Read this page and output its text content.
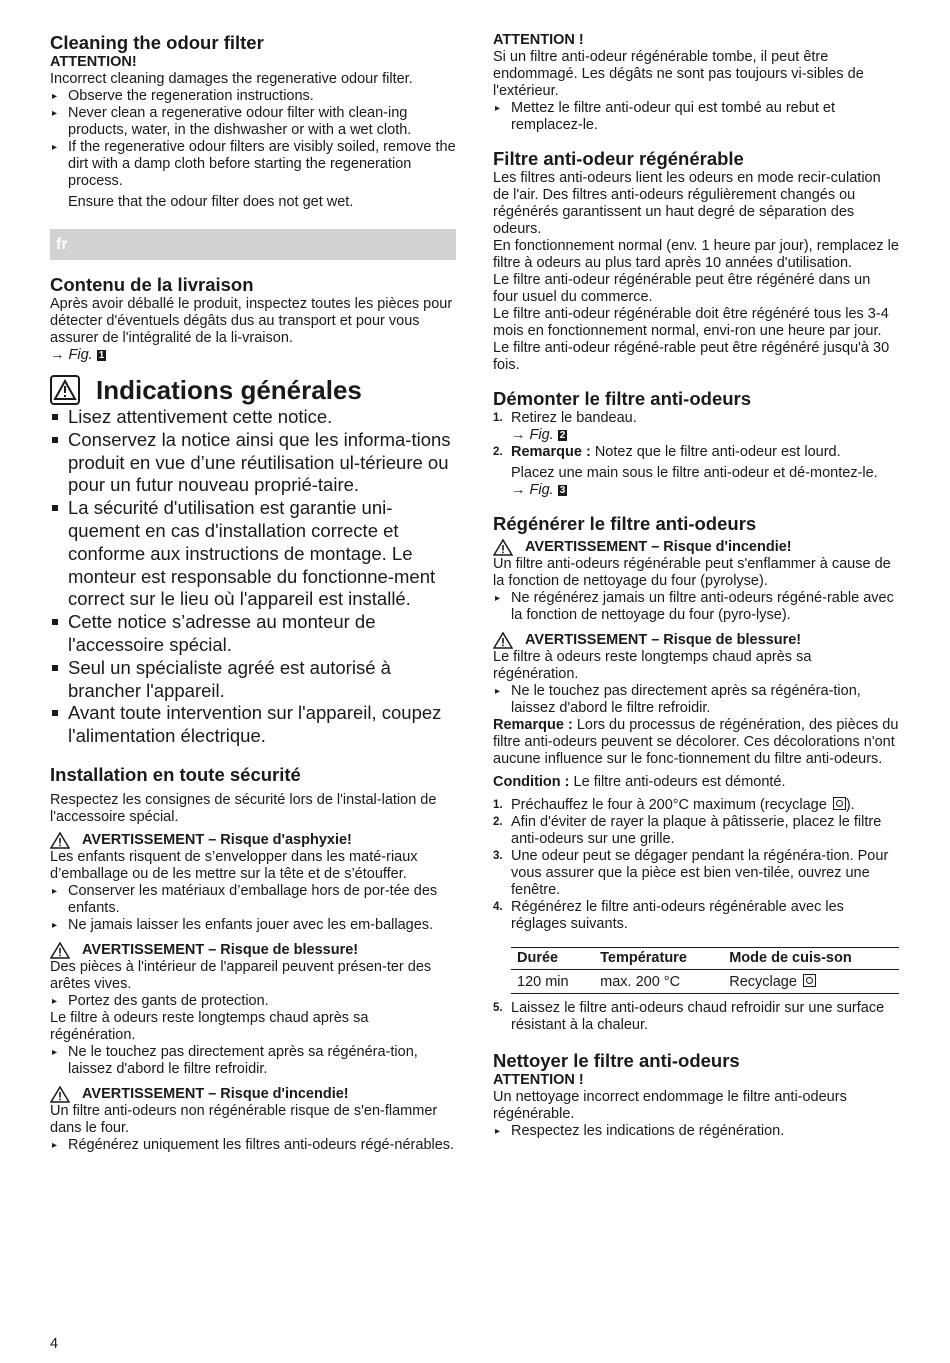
Cleaning the odour filter
ATTENTION!

Incorrect cleaning damages the regenerative odour filter.

▸ Observe the regeneration instructions.
▸ Never clean a regenerative odour filter with clean-ing products, water, in the dishwasher or with a wet cloth.
▸ If the regenerative odour filters are visibly soiled, remove the dirt with a damp cloth before starting the regeneration process.
Ensure that the odour filter does not get wet.
fr
Contenu de la livraison

Après avoir déballé le produit, inspectez toutes les pièces pour détecter d'éventuels dégâts dus au transport et pour vous assurer de l'intégralité de la li-vraison.

→ Fig. 1

Indications générales
Lisez attentivement cette notice.
Conservez la notice ainsi que les informa-tions produit en vue d’une réutilisation ul-térieure ou pour un futur nouveau proprié-taire.
La sécurité d'utilisation est garantie uni-quement en cas d'installation correcte et conforme aux instructions de montage. Le monteur est responsable du fonctionne-ment correct sur le lieu où l'appareil est installé.
Cette notice s’adresse au monteur de l'accessoire spécial.
Seul un spécialiste agréé est autorisé à brancher l'appareil.
Avant toute intervention sur l'appareil, coupez l'alimentation électrique.
Installation en toute sécurité

Respectez les consignes de sécurité lors de l'instal-lation de l'accessoire spécial.

AVERTISSEMENT – Risque d'asphyxie!

Les enfants risquent de s’envelopper dans les maté-riaux d’emballage ou de les mettre sur la tête et de s’étouffer.

▸ Conserver les matériaux d’emballage hors de por-tée des enfants.
▸ Ne jamais laisser les enfants jouer avec les em-ballages.
AVERTISSEMENT – Risque de blessure!

Des pièces à l'intérieur de l'appareil peuvent présen-ter des arêtes vives.

▸ Portez des gants de protection.

Le filtre à odeurs reste longtemps chaud après sa régénération.

▸ Ne le touchez pas directement après sa régénéra-tion, laissez d'abord le filtre refroidir.
AVERTISSEMENT – Risque d'incendie!

Un filtre anti-odeurs non régénérable risque de s'en-flammer dans le four.

▸ Régénérez uniquement les filtres anti-odeurs régé-nérables.
4
ATTENTION !

Si un filtre anti-odeur régénérable tombe, il peut être endommagé. Les dégâts ne sont pas toujours vi-sibles de l'extérieur.

▸ Mettez le filtre anti-odeur qui est tombé au rebut et remplacez-le.
Filtre anti-odeur régénérable

Les filtres anti-odeurs lient les odeurs en mode recir-culation de l'air. Des filtres anti-odeurs régulièrement changés ou régénérés garantissent un haut degré de séparation des odeurs.

En fonctionnement normal (env. 1 heure par jour), remplacez le filtre à odeurs au plus tard après 10 années d'utilisation.

Le filtre anti-odeur régénérable peut être régénéré dans un four usuel du commerce.

Le filtre anti-odeur régénérable doit être régénéré tous les 3-4 mois en fonctionnement normal, envi-ron une heure par jour. Le filtre anti-odeur régéné-rable peut être régénéré jusqu'à 30 fois.

Démonter le filtre anti-odeurs
1. Retirez le bandeau.
→ Fig. 2
2. Remarque : Notez que le filtre anti-odeur est lourd.
Placez une main sous le filtre anti-odeur et dé-montez-le.
→ Fig. 3
Régénérer le filtre anti-odeurs
AVERTISSEMENT – Risque d'incendie!

Un filtre anti-odeurs régénérable peut s'enflammer à cause de la fonction de nettoyage du four (pyrolyse).

▸ Ne régénérez jamais un filtre anti-odeurs régéné-rable avec la fonction de nettoyage du four (pyro-lyse).
AVERTISSEMENT – Risque de blessure!

Le filtre à odeurs reste longtemps chaud après sa régénération.

▸ Ne le touchez pas directement après sa régénéra-tion, laissez d'abord le filtre refroidir.

Remarque : Lors du processus de régénération, des pièces du filtre anti-odeurs peuvent se décolorer. Ces décolorations n'ont aucune influence sur le fonc-tionnement du filtre anti-odeurs.

Condition : Le filtre anti-odeurs est démonté.

1. Préchauffez le four à 200°C maximum (recyclage ).
2. Afin d'éviter de rayer la plaque à pâtisserie, placez le filtre anti-odeurs sur une grille.
3. Une odeur peut se dégager pendant la régénéra-tion. Pour vous assurer que la pièce est bien ven-tilée, ouvrez une fenêtre.
4. Régénérez le filtre anti-odeurs régénérable avec les réglages suivants.
Durée	Température	Mode de cuis-son
120 min	max. 200 °C	Recyclage
5. Laissez le filtre anti-odeurs chaud refroidir sur une surface résistant à la chaleur.
Nettoyer le filtre anti-odeurs
ATTENTION !

Un nettoyage incorrect endommage le filtre anti-odeurs régénérable.

▸ Respectez les indications de régénération.
